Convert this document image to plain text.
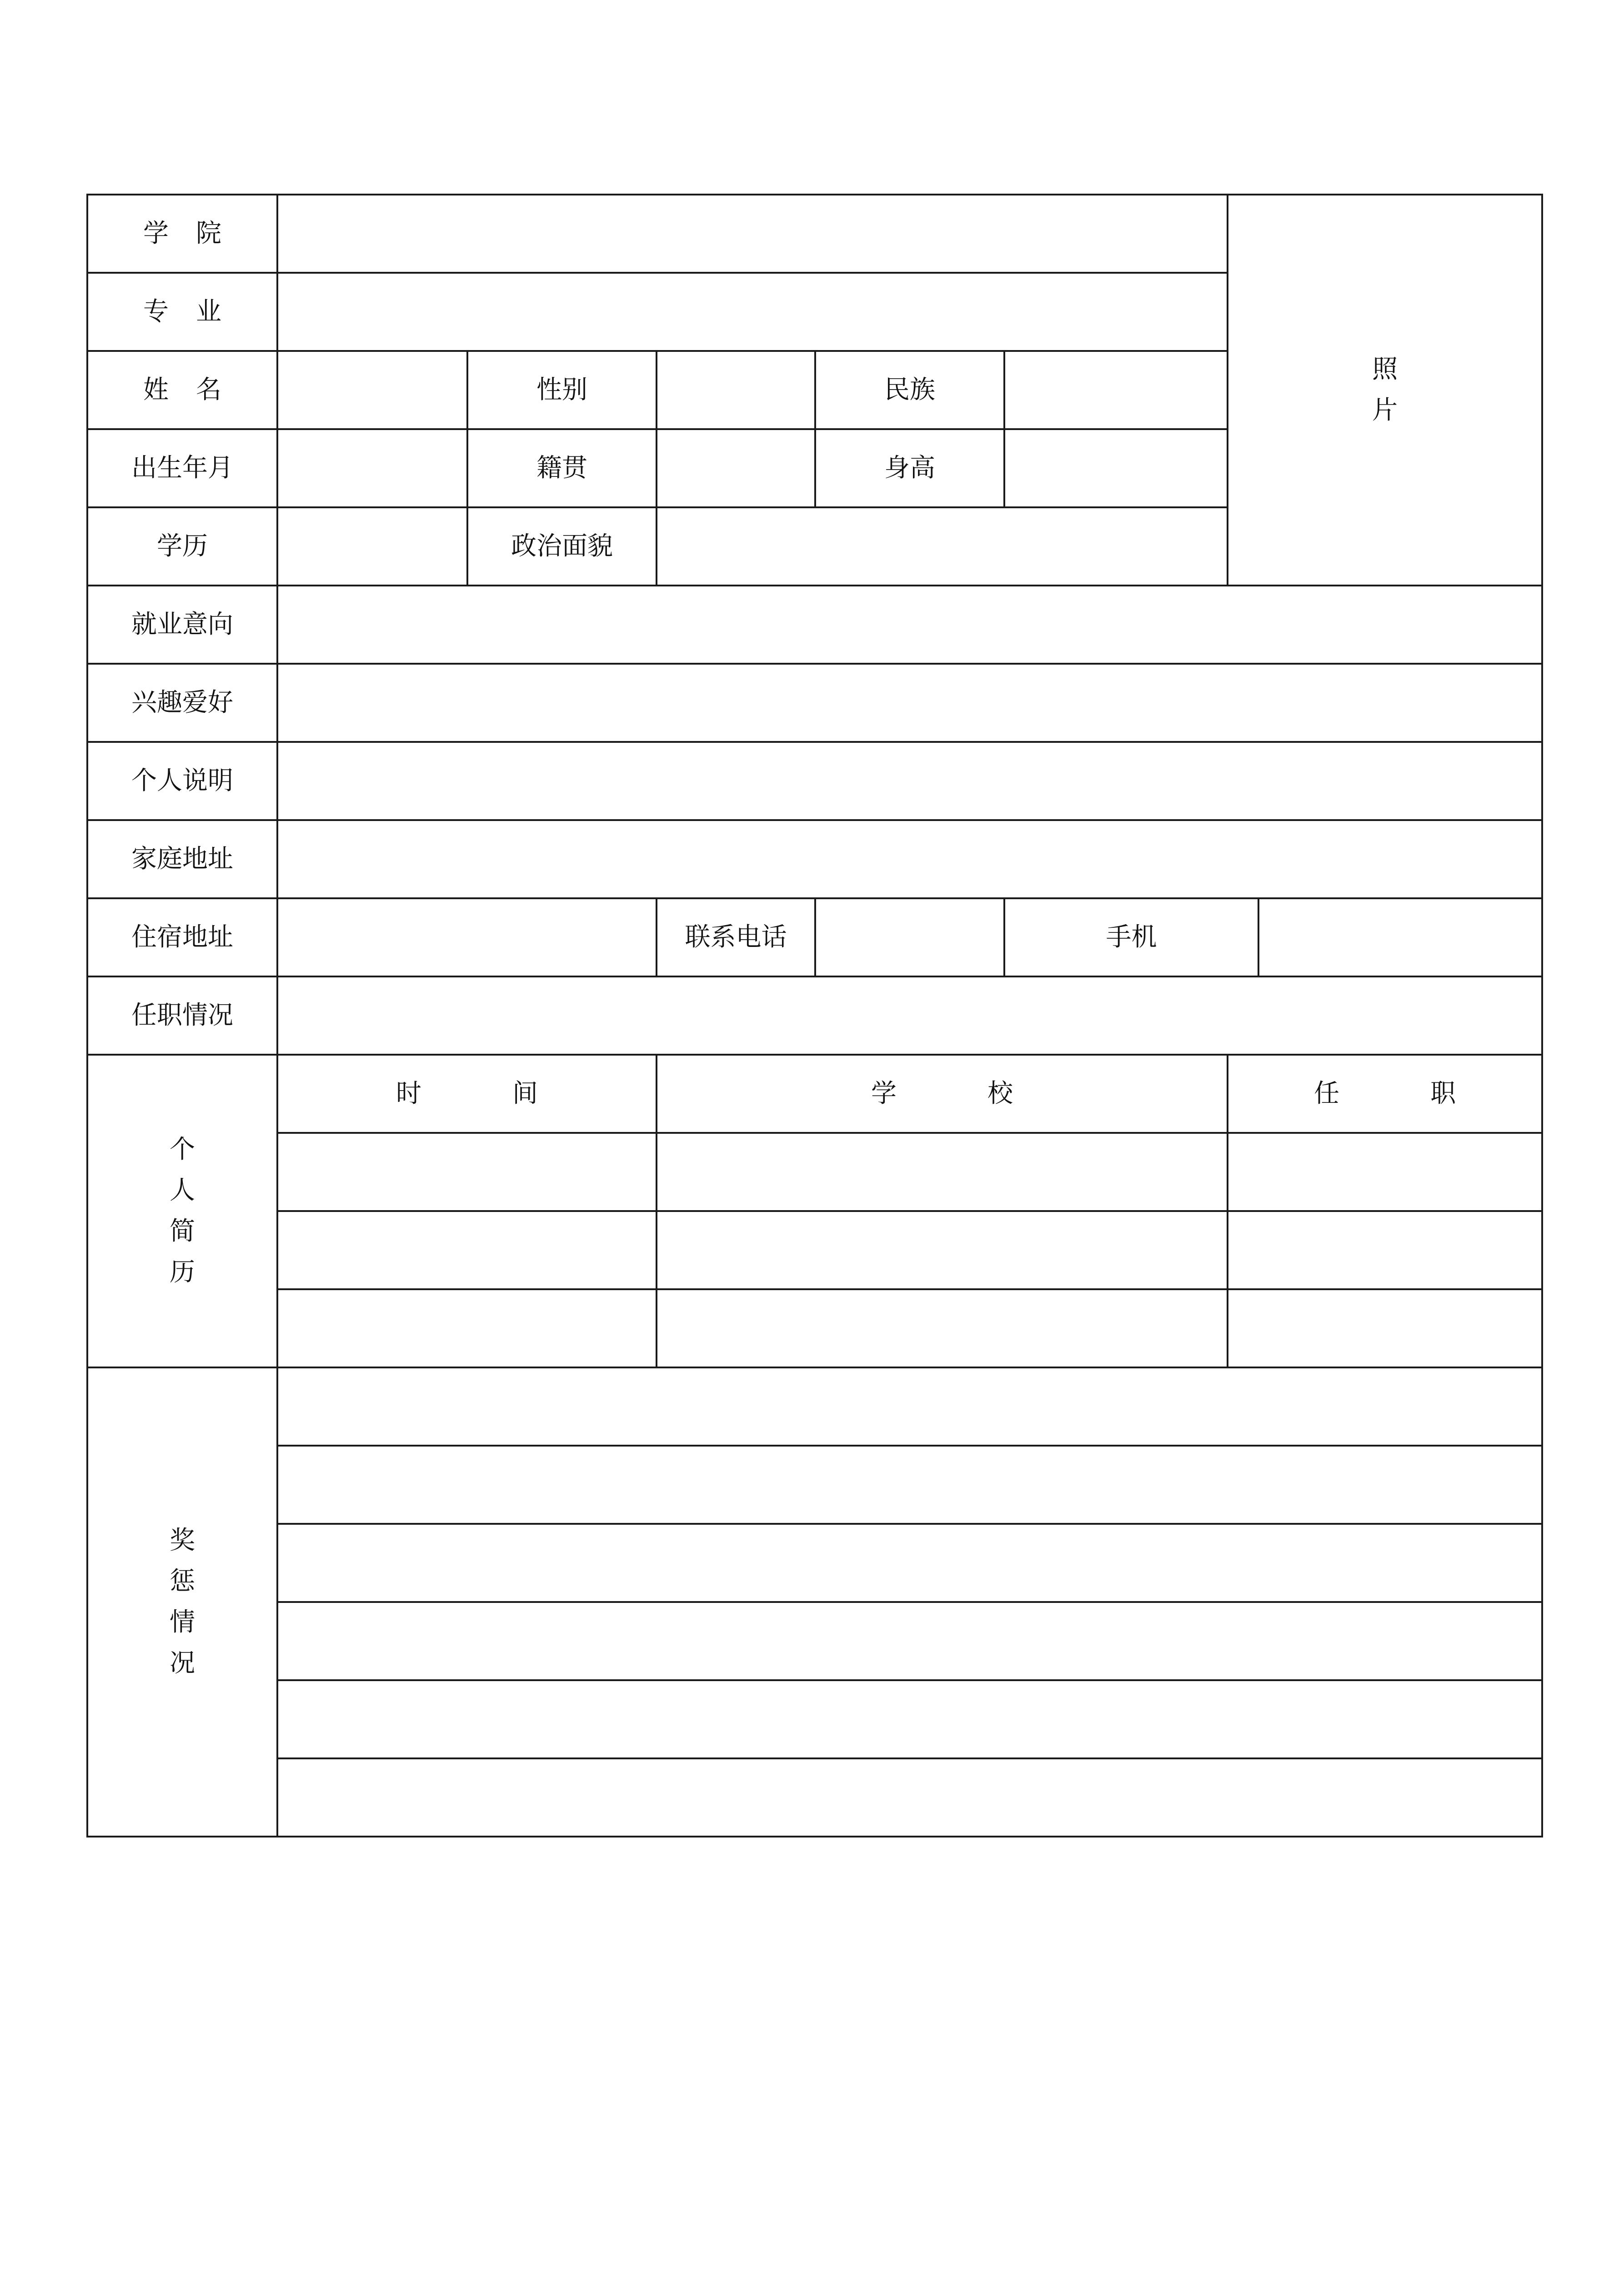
学 院						照
片	
专 业							
姓 名		性别		民族			
出生年月		籍贯		身高			
学历		政治面貌					
就业意向							
兴趣爱好							
个人说明							
家庭地址							
住宿地址			联系电话		手机		
任职情况							
个
人
简
历	时 间		学 校			任 职	

奖
惩
情
况							
